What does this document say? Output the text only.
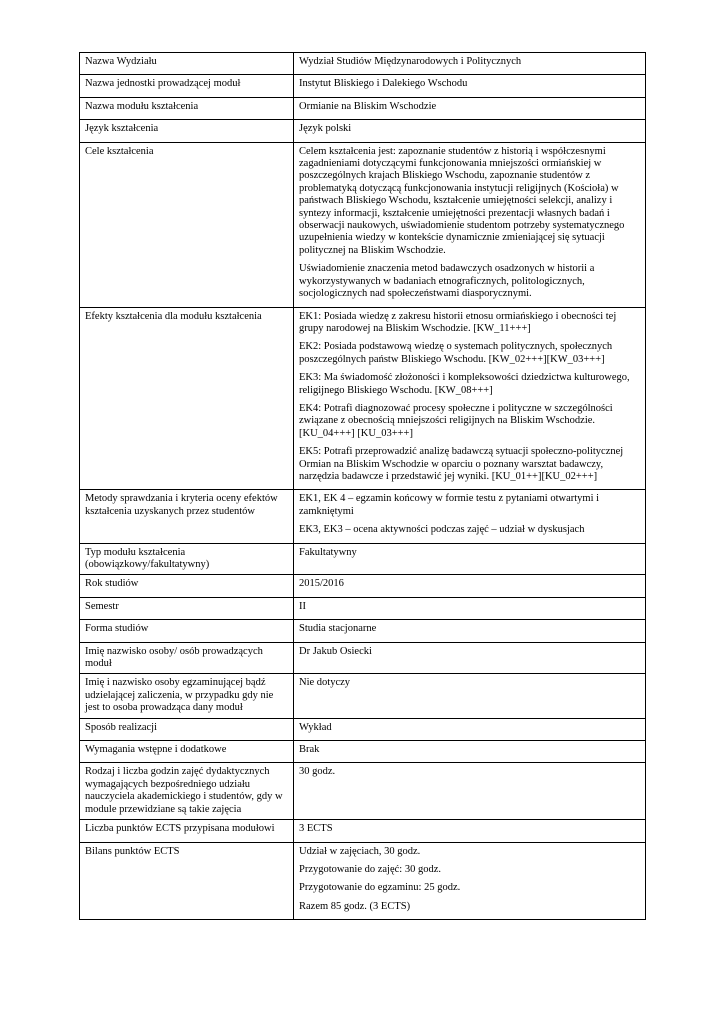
Nazwa Wydziału	Wydział Studiów Międzynarodowych i Politycznych

Nazwa jednostki prowadzącej moduł	Instytut Bliskiego i Dalekiego Wschodu

Nazwa modułu kształcenia	Ormianie na Bliskim Wschodzie

Język kształcenia	Język polski

Cele kształcenia	Celem kształcenia jest: zapoznanie studentów z historią i współczesnymi zagadnieniami dotyczącymi funkcjonowania mniejszości ormiańskiej w poszczególnych krajach Bliskiego Wschodu, zapoznanie studentów z problematyką dotyczącą funkcjonowania instytucji religijnych (Kościoła) w państwach Bliskiego Wschodu, kształcenie umiejętności selekcji, analizy i syntezy informacji, kształcenie umiejętności prezentacji własnych badań i obserwacji naukowych, uświadomienie studentom potrzeby systematycznego uzupełnienia wiedzy w kontekście dynamicznie zmieniającej się sytuacji politycznej na Bliskim Wschodzie.

Uświadomienie znaczenia metod badawczych osadzonych w historii a wykorzystywanych w badaniach etnograficznych, politologicznych, socjologicznych nad społeczeństwami diasporycznymi.

Efekty kształcenia dla modułu kształcenia	EK1: Posiada wiedzę z zakresu historii etnosu ormiańskiego i obecności tej grupy narodowej na Bliskim Wschodzie. [KW_11+++]

EK2: Posiada podstawową wiedzę o systemach politycznych, społecznych poszczególnych państw Bliskiego Wschodu. [KW_02+++][KW_03+++]

EK3: Ma świadomość złożoności i kompleksowości dziedzictwa kulturowego, religijnego Bliskiego Wschodu. [KW_08+++]

EK4: Potrafi diagnozować procesy społeczne i polityczne w szczególności związane z obecnością mniejszości religijnych na Bliskim Wschodzie. [KU_04+++] [KU_03+++]

EK5: Potrafi przeprowadzić analizę badawczą sytuacji społeczno-politycznej Ormian na Bliskim Wschodzie w oparciu o poznany warsztat badawczy, narzędzia badawcze i przedstawić jej wyniki. [KU_01++][KU_02+++]

Metody sprawdzania i kryteria oceny efektów kształcenia uzyskanych przez studentów	EK1, EK 4 – egzamin końcowy w formie testu z pytaniami otwartymi i zamkniętymi

EK3, EK3 – ocena aktywności podczas zajęć – udział w dyskusjach

Typ modułu kształcenia (obowiązkowy/fakultatywny)	Fakultatywny

Rok studiów	2015/2016

Semestr	II

Forma studiów	Studia stacjonarne

Imię nazwisko osoby/ osób prowadzących moduł	Dr Jakub Osiecki

Imię i nazwisko osoby egzaminującej bądź udzielającej zaliczenia, w przypadku gdy nie jest to osoba prowadząca dany moduł	Nie dotyczy

Sposób realizacji	Wykład

Wymagania wstępne i dodatkowe	Brak

Rodzaj i liczba godzin zajęć dydaktycznych wymagających bezpośredniego udziału nauczyciela akademickiego i studentów, gdy w module przewidziane są takie zajęcia	30 godz.

Liczba punktów ECTS przypisana modułowi	3 ECTS

Bilans punktów ECTS	Udział w zajęciach, 30 godz.

Przygotowanie do zajęć: 30 godz.

Przygotowanie do egzaminu: 25 godz.

Razem 85 godz. (3 ECTS)
